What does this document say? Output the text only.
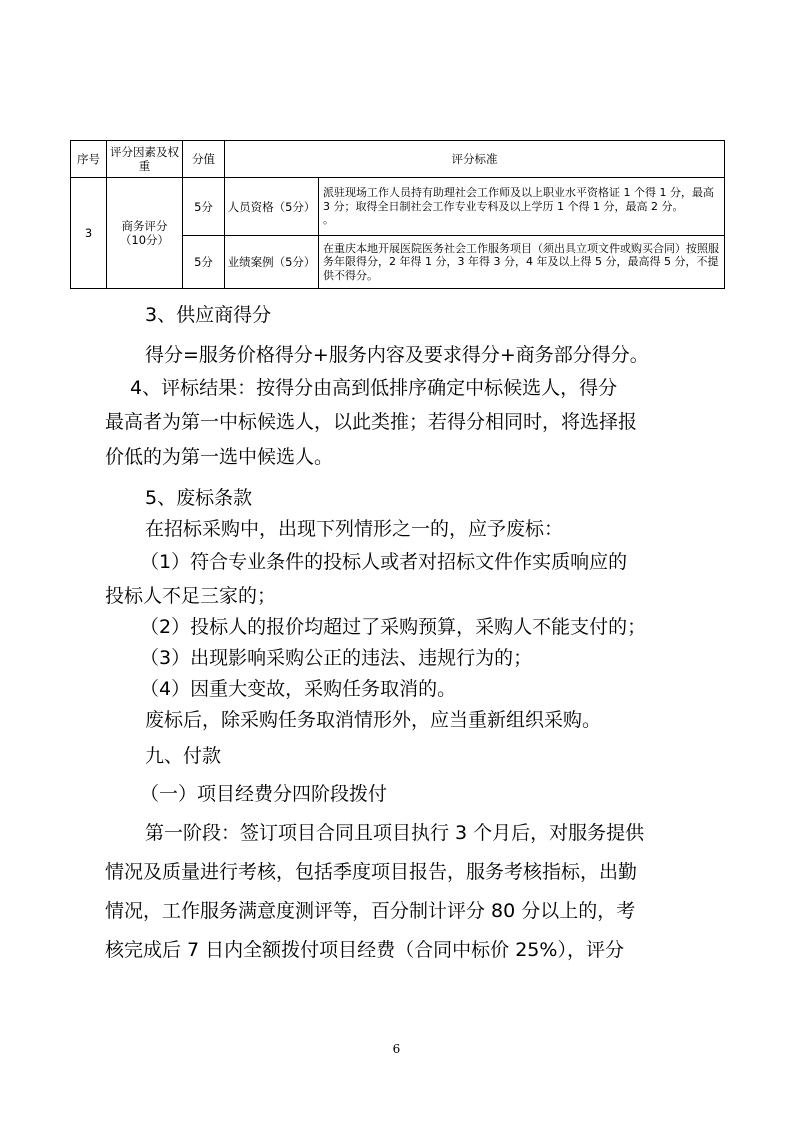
序号	评分因素及权重	分值	评分标准	
3	商务评分（10分）	5分	人员资格（5分）	派驻现场工作人员持有助理社会工作师及以上职业水平资格证 1 个得 1 分，最高 3 分；取得全日制社会工作专业专科及以上学历 1 个得 1 分，最高 2 分。
。
		5分	业绩案例（5分）	在重庆本地开展医院医务社会工作服务项目（须出具立项文件或购买合同）按照服务年限得分，2 年得 1 分，3 年得 3 分，4 年及以上得 5 分，最高得 5 分，不提供不得分。
3、供应商得分
得分=服务价格得分+服务内容及要求得分+商务部分得分。
4、评标结果：按得分由高到低排序确定中标候选人，得分
最高者为第一中标候选人，以此类推；若得分相同时，将选择报
价低的为第一选中候选人。
5、废标条款
在招标采购中，出现下列情形之一的，应予废标：
（1）符合专业条件的投标人或者对招标文件作实质响应的
投标人不足三家的；
（2）投标人的报价均超过了采购预算，采购人不能支付的；
（3）出现影响采购公正的违法、违规行为的；
（4）因重大变故，采购任务取消的。
废标后，除采购任务取消情形外，应当重新组织采购。
九、付款
（一）项目经费分四阶段拨付
第一阶段：签订项目合同且项目执行 3 个月后，对服务提供
情况及质量进行考核，包括季度项目报告，服务考核指标，出勤
情况，工作服务满意度测评等，百分制计评分 80 分以上的，考
核完成后 7 日内全额拨付项目经费（合同中标价 25%），评分
6
